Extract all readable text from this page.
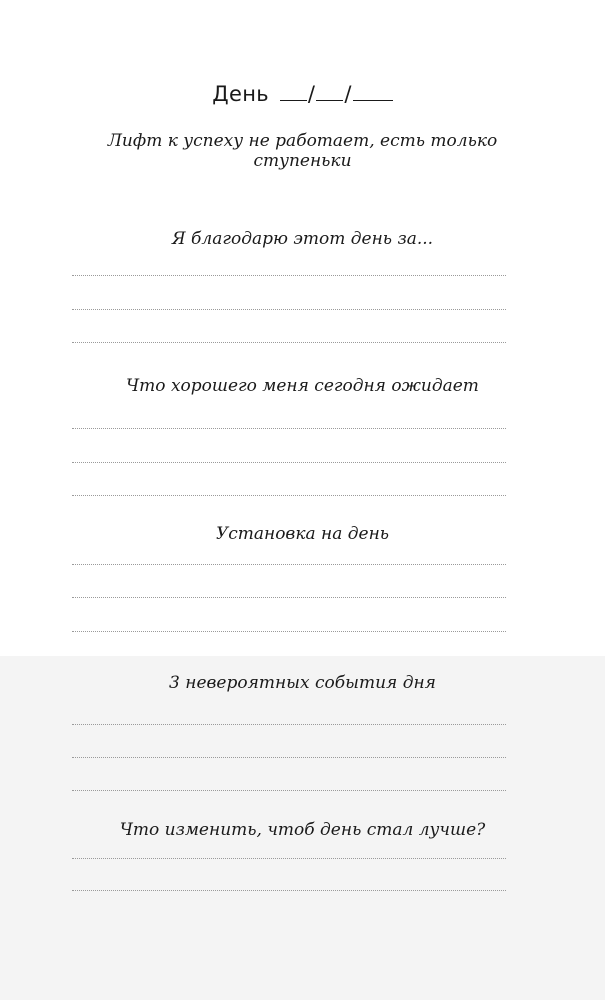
День / /
Лифт к успеху не работает, есть только ступеньки
Я благодарю этот день за...
Что хорошего меня сегодня ожидает
Установка на день
3 невероятных события дня
Что изменить, чтоб день стал лучше?
